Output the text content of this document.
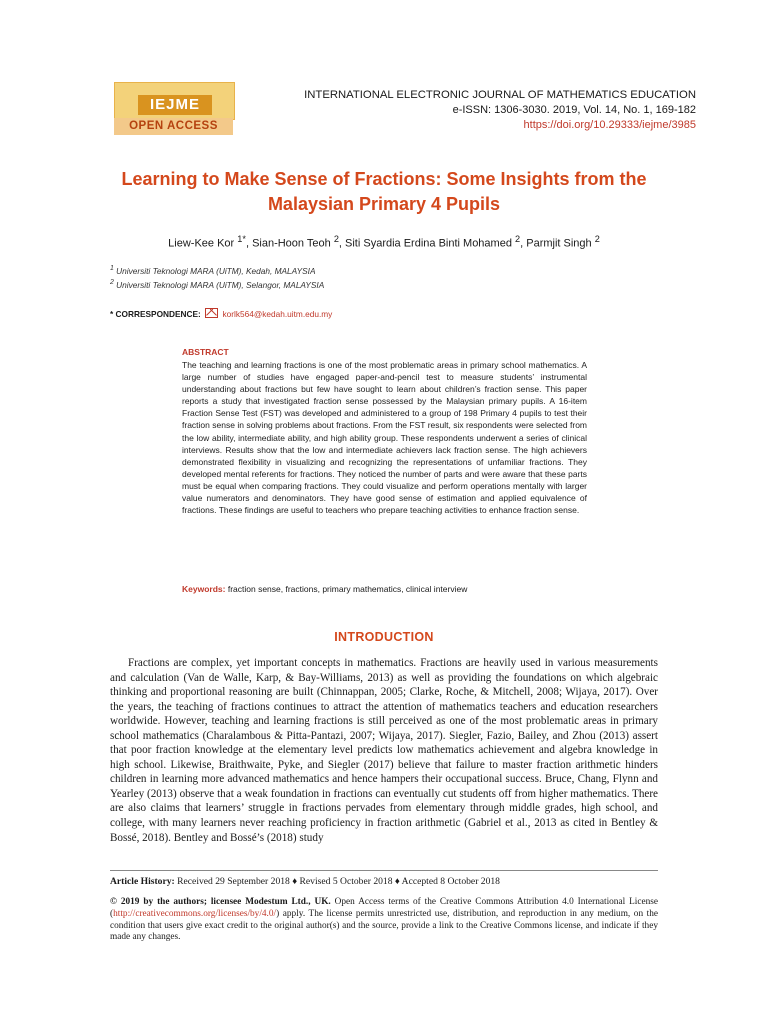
IEJME
OPEN ACCESS
INTERNATIONAL ELECTRONIC JOURNAL OF MATHEMATICS EDUCATION
e-ISSN: 1306-3030. 2019, Vol. 14, No. 1, 169-182
https://doi.org/10.29333/iejme/3985
Learning to Make Sense of Fractions: Some Insights from the
Malaysian Primary 4 Pupils
Liew-Kee Kor $^{1*}$, Sian-Hoon Teoh $^2$, Siti Syardia Erdina Binti Mohamed $^2$, Parmjit Singh $^2$
$^1$ Universiti Teknologi MARA (UiTM), Kedah, MALAYSIA
$^2$ Universiti Teknologi MARA (UiTM), Selangor, MALAYSIA
* CORRESPONDENCE:	korlk564@kedah.uitm.edu.my
ABSTRACT
The teaching and learning fractions is one of the most problematic areas in primary school mathematics. A large number of studies have engaged paper-and-pencil test to measure students’ instrumental understanding about fractions but few have sought to learn about children’s fraction sense. This paper reports a study that investigated fraction sense possessed by the Malaysian primary pupils. A 16-item Fraction Sense Test (FST) was developed and administered to a group of 198 Primary 4 pupils to test their fraction sense in solving problems about fractions. From the FST result, six respondents were selected from the low ability, intermediate ability, and high ability group. These respondents underwent a series of clinical interviews. Results show that the low and intermediate achievers lack fraction sense. The high achievers demonstrated flexibility in visualizing and recognizing the representations of unfamiliar fractions. They developed mental referents for fractions. They noticed the number of parts and were aware that these parts must be equal when comparing fractions. They could visualize and perform operations mentally with larger value numerators and denominators. They have good sense of estimation and applied equivalence of fractions. These findings are useful to teachers who prepare teaching activities to enhance fraction sense.
Keywords: fraction sense, fractions, primary mathematics, clinical interview
INTRODUCTION
Fractions are complex, yet important concepts in mathematics. Fractions are heavily used in various measurements and calculation (Van de Walle, Karp, & Bay-Williams, 2013) as well as providing the foundations on which algebraic thinking and proportional reasoning are built (Chinnappan, 2005; Clarke, Roche, & Mitchell, 2008; Wijaya, 2017). Over the years, the teaching of fractions continues to attract the attention of mathematics teachers and education researchers worldwide. However, teaching and learning fractions is still perceived as one of the most problematic areas in primary school mathematics (Charalambous & Pitta-Pantazi, 2007; Wijaya, 2017). Siegler, Fazio, Bailey, and Zhou (2013) assert that poor fraction knowledge at the elementary level predicts low mathematics achievement and algebra knowledge in high school. Likewise, Braithwaite, Pyke, and Siegler (2017) believe that failure to master fraction arithmetic hinders children in learning more advanced mathematics and hence hampers their occupational success. Bruce, Chang, Flynn and Yearley (2013) observe that a weak foundation in fractions can eventually cut students off from higher mathematics. There are also claims that learners’ struggle in fractions pervades from elementary through middle grades, high school, and college, with many learners never reaching proficiency in fraction arithmetic (Gabriel et al., 2013 as cited in Bentley & Bossé, 2018). Bentley and Bossé’s (2018) study
Article History: Received 29 September 2018 ♦ Revised 5 October 2018 ♦ Accepted 8 October 2018
© 2019 by the authors; licensee Modestum Ltd., UK. Open Access terms of the Creative Commons Attribution 4.0 International License (http://creativecommons.org/licenses/by/4.0/) apply. The license permits unrestricted use, distribution, and reproduction in any medium, on the condition that users give exact credit to the original author(s) and the source, provide a link to the Creative Commons license, and indicate if they made any changes.
